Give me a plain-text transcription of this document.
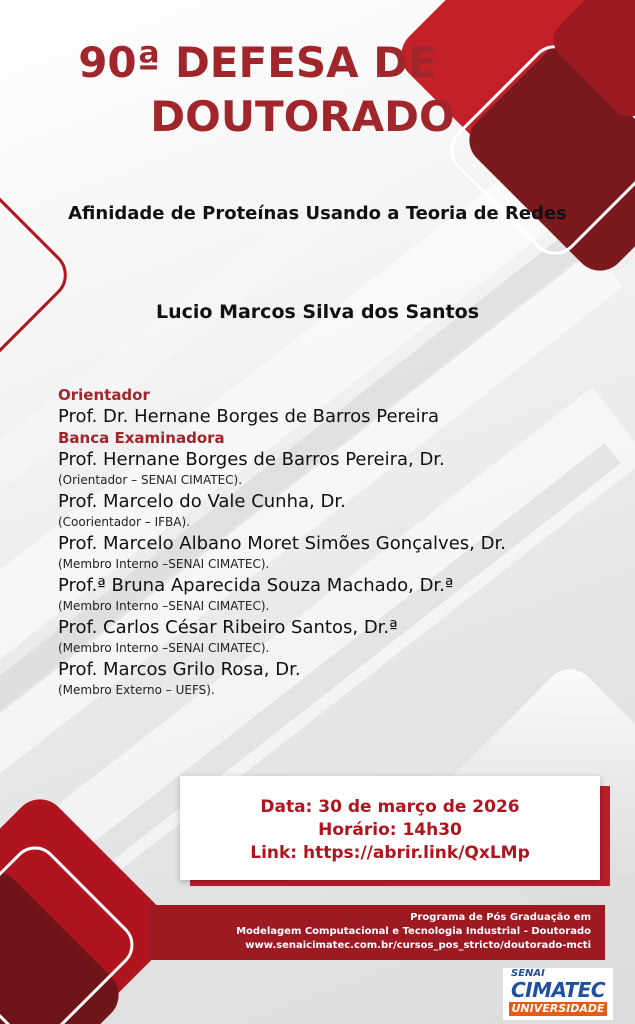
90ª DEFESA DE
DOUTORADO
Afinidade de Proteínas Usando a Teoria de Redes
Lucio Marcos Silva dos Santos
Orientador
Prof. Dr. Hernane Borges de Barros Pereira
Banca Examinadora
Prof. Hernane Borges de Barros Pereira, Dr.
(Orientador – SENAI CIMATEC).
Prof. Marcelo do Vale Cunha, Dr.
(Coorientador – IFBA).
Prof. Marcelo Albano Moret Simões Gonçalves, Dr.
(Membro Interno –SENAI CIMATEC).
Prof.ª Bruna Aparecida Souza Machado, Dr.ª
(Membro Interno –SENAI CIMATEC).
Prof. Carlos César Ribeiro Santos, Dr.ª
(Membro Interno –SENAI CIMATEC).
Prof. Marcos Grilo Rosa, Dr.
(Membro Externo – UEFS).
Data: 30 de março de 2026
Horário: 14h30
Link: https://abrir.link/QxLMp
Programa de Pós Graduação em
Modelagem Computacional e Tecnologia Industrial - Doutorado
www.senaicimatec.com.br/cursos_pos_stricto/doutorado-mcti
SENAI
CIMATEC
UNIVERSIDADE
